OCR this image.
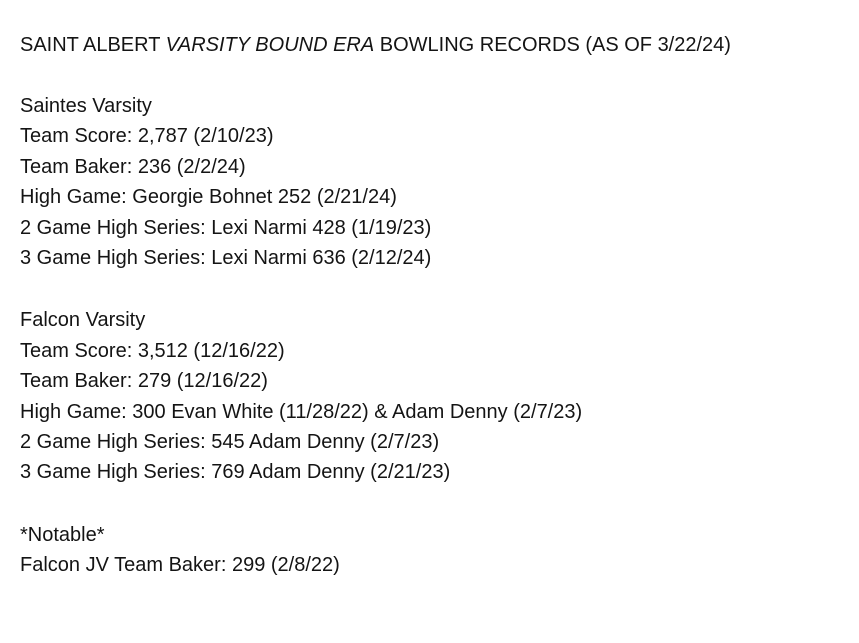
SAINT ALBERT VARSITY BOUND ERA BOWLING RECORDS (AS OF 3/22/24)
Saintes Varsity
Team Score: 2,787 (2/10/23)
Team Baker: 236 (2/2/24)
High Game: Georgie Bohnet 252 (2/21/24)
2 Game High Series: Lexi Narmi 428 (1/19/23)
3 Game High Series: Lexi Narmi 636 (2/12/24)
Falcon Varsity
Team Score: 3,512 (12/16/22)
Team Baker: 279 (12/16/22)
High Game: 300 Evan White (11/28/22) & Adam Denny (2/7/23)
2 Game High Series: 545 Adam Denny (2/7/23)
3 Game High Series: 769 Adam Denny (2/21/23)
*Notable*
Falcon JV Team Baker: 299 (2/8/22)
